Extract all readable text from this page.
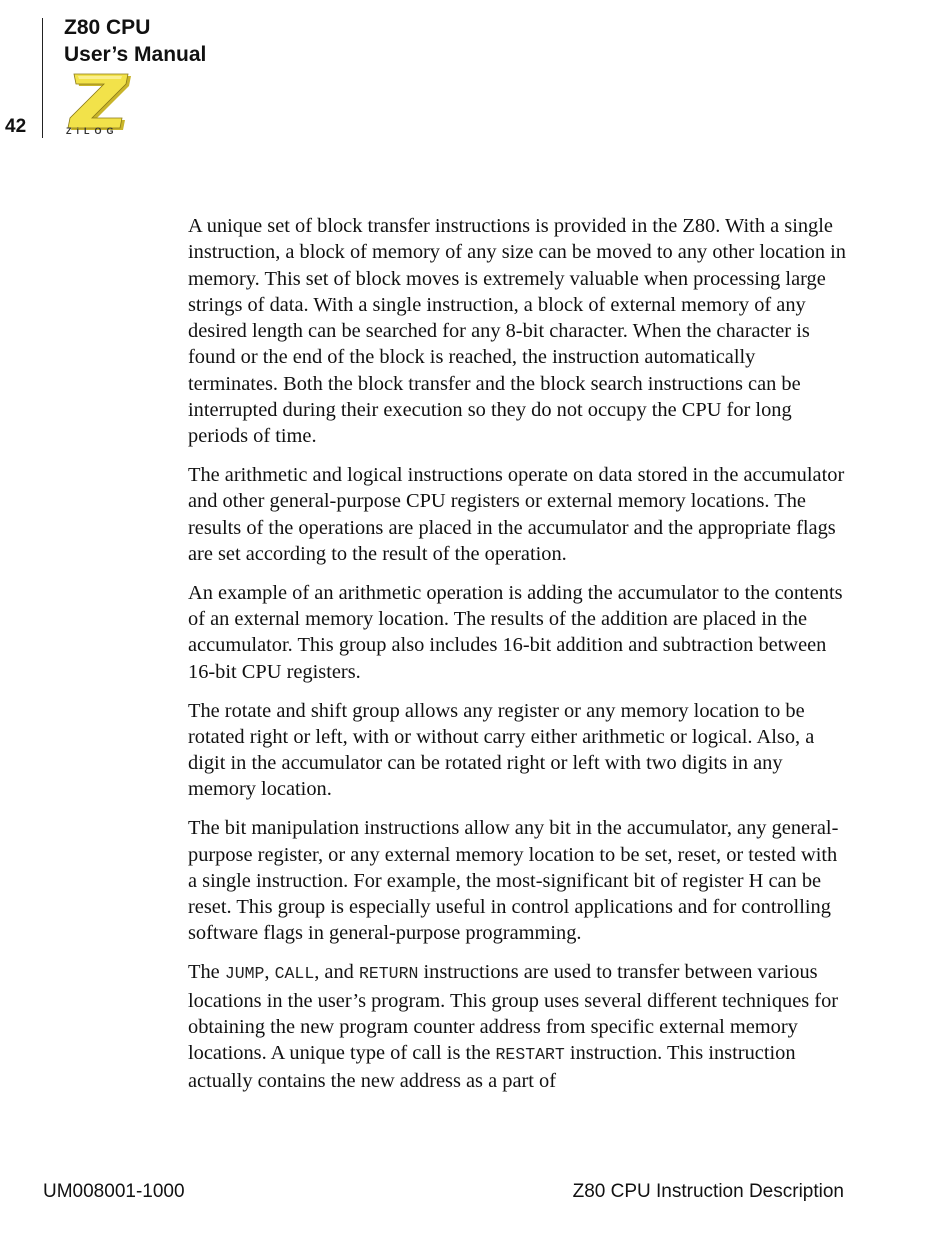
Z80 CPU
User’s Manual
42	ZiLOG

A unique set of block transfer instructions is provided in the Z80. With a single instruction, a block of memory of any size can be moved to any other location in memory. This set of block moves is extremely valuable when processing large strings of data. With a single instruction, a block of external memory of any desired length can be searched for any 8-bit character. When the character is found or the end of the block is reached, the instruction automatically terminates. Both the block transfer and the block search instructions can be interrupted during their execution so they do not occupy the CPU for long periods of time.

The arithmetic and logical instructions operate on data stored in the accumulator and other general-purpose CPU registers or external memory locations. The results of the operations are placed in the accumulator and the appropriate flags are set according to the result of the operation.

An example of an arithmetic operation is adding the accumulator to the contents of an external memory location. The results of the addition are placed in the accumulator. This group also includes 16-bit addition and subtraction between 16-bit CPU registers.

The rotate and shift group allows any register or any memory location to be rotated right or left, with or without carry either arithmetic or logical. Also, a digit in the accumulator can be rotated right or left with two digits in any memory location.

The bit manipulation instructions allow any bit in the accumulator, any general-purpose register, or any external memory location to be set, reset, or tested with a single instruction. For example, the most-significant bit of register H can be reset. This group is especially useful in control applications and for controlling software flags in general-purpose programming.

The JUMP, CALL, and RETURN instructions are used to transfer between various locations in the user’s program. This group uses several different techniques for obtaining the new program counter address from specific external memory locations. A unique type of call is the RESTART instruction. This instruction actually contains the new address as a part of

UM008001-1000	Z80 CPU Instruction Description
